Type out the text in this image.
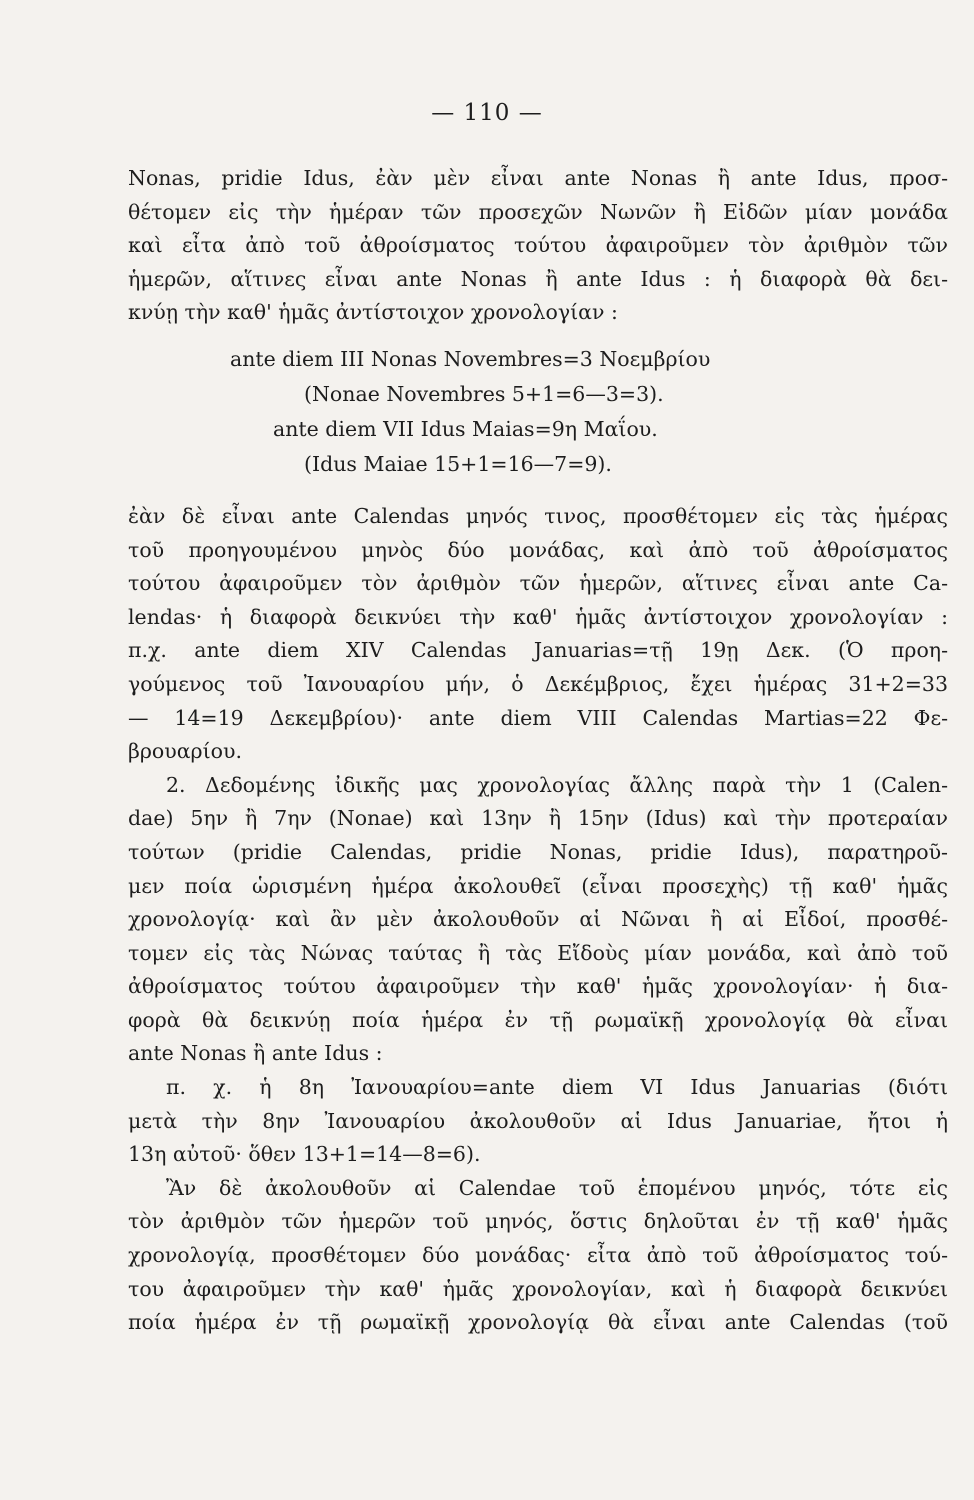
— 110 —
Nonas, pridie Idus, ἐὰν μὲν εἶναι ante Nonas ἢ ante Idus, προσ-
θέτομεν εἰς τὴν ἡμέραν τῶν προσεχῶν Νωνῶν ἢ Εἰδῶν μίαν μονάδα
καὶ εἶτα ἀπὸ τοῦ ἀθροίσματος τούτου ἀφαιροῦμεν τὸν ἀριθμὸν τῶν
ἡμερῶν, αἵτινες εἶναι ante Nonas ἢ ante Idus : ἡ διαφορὰ θὰ δει-
κνύῃ τὴν καθ' ἡμᾶς ἀντίστοιχον χρονολογίαν :
ante diem III Nonas Novembres=3 Νοεμβρίου
(Nonae Novembres 5+1=6—3=3).
ante diem VII Idus Maias=9η Μαΐου.
(Idus Maiae 15+1=16—7=9).
ἐὰν δὲ εἶναι ante Calendas μηνός τινος, προσθέτομεν εἰς τὰς ἡμέρας
τοῦ προηγουμένου μηνὸς δύο μονάδας, καὶ ἀπὸ τοῦ ἀθροίσματος
τούτου ἀφαιροῦμεν τὸν ἀριθμὸν τῶν ἡμερῶν, αἵτινες εἶναι ante Ca-
lendas· ἡ διαφορὰ δεικνύει τὴν καθ' ἡμᾶς ἀντίστοιχον χρονολογίαν :
π.χ. ante diem XIV Calendas Januarias=τῇ 19ῃ Δεκ. (Ὁ προη-
γούμενος τοῦ Ἰανουαρίου μήν, ὁ Δεκέμβριος, ἔχει ἡμέρας 31+2=33
— 14=19 Δεκεμβρίου)· ante diem VIII Calendas Martias=22 Φε-
βρουαρίου.
2. Δεδομένης ἰδικῆς μας χρονολογίας ἄλλης παρὰ τὴν 1 (Calen-
dae) 5ην ἢ 7ην (Nonae) καὶ 13ην ἢ 15ην (Idus) καὶ τὴν προτεραίαν
τούτων (pridie Calendas, pridie Nonas, pridie Idus), παρατηροῦ-
μεν ποία ὡρισμένη ἡμέρα ἀκολουθεῖ (εἶναι προσεχὴς) τῇ καθ' ἡμᾶς
χρονολογίᾳ· καὶ ἂν μὲν ἀκολουθοῦν αἱ Νῶναι ἢ αἱ Εἶδοί, προσθέ-
τομεν εἰς τὰς Νώνας ταύτας ἢ τὰς Εἴδοὺς μίαν μονάδα, καὶ ἀπὸ τοῦ
ἀθροίσματος τούτου ἀφαιροῦμεν τὴν καθ' ἡμᾶς χρονολογίαν· ἡ δια-
φορὰ θὰ δεικνύῃ ποία ἡμέρα ἐν τῇ ρωμαϊκῇ χρονολογίᾳ θὰ εἶναι
ante Nonas ἢ ante Idus :
π. χ. ἡ 8η Ἰανουαρίου=ante diem VI Idus Januarias (διότι
μετὰ τὴν 8ην Ἰανουαρίου ἀκολουθοῦν αἱ Idus Januariae, ἤτοι ἡ
13η αὐτοῦ· ὅθεν 13+1=14—8=6).
Ἂν δὲ ἀκολουθοῦν αἱ Calendae τοῦ ἑπομένου μηνός, τότε εἰς
τὸν ἀριθμὸν τῶν ἡμερῶν τοῦ μηνός, ὅστις δηλοῦται ἐν τῇ καθ' ἡμᾶς
χρονολογίᾳ, προσθέτομεν δύο μονάδας· εἶτα ἀπὸ τοῦ ἀθροίσματος τού-
του ἀφαιροῦμεν τὴν καθ' ἡμᾶς χρονολογίαν, καὶ ἡ διαφορὰ δεικνύει
ποία ἡμέρα ἐν τῇ ρωμαϊκῇ χρονολογίᾳ θὰ εἶναι ante Calendas (τοῦ
